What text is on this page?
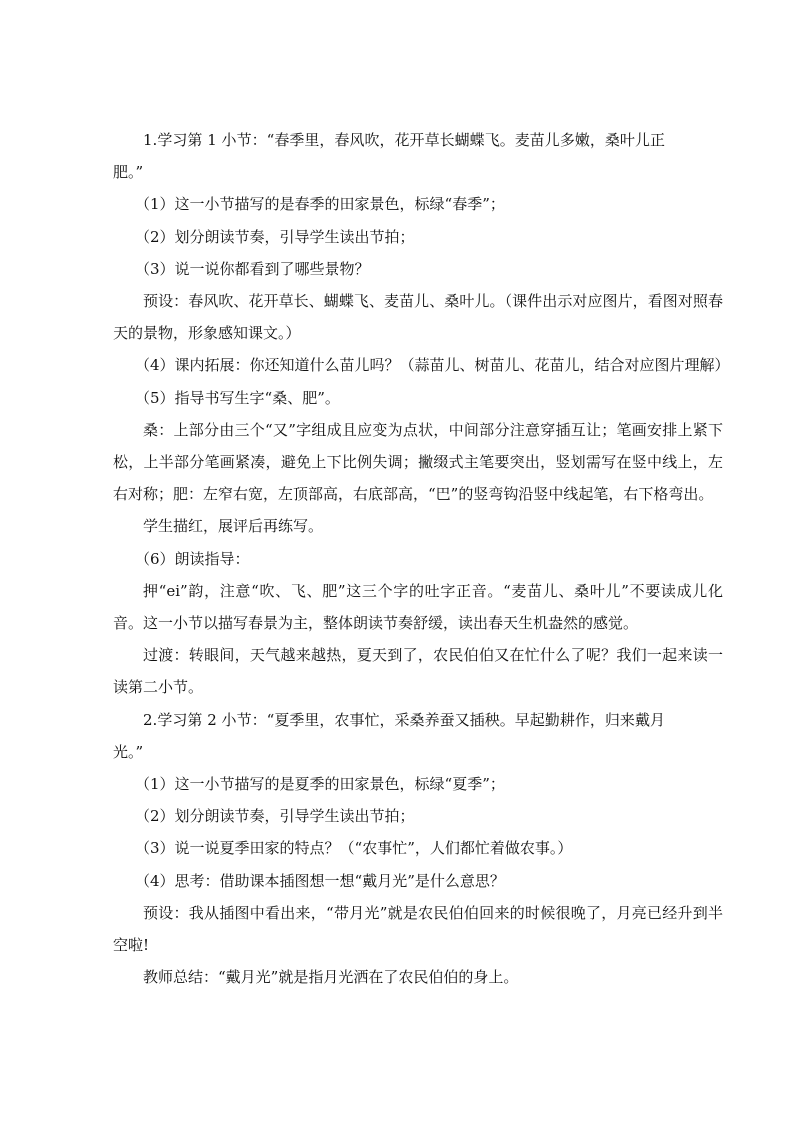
1.学习第 1 小节：“春季里，春风吹，花开草长蝴蝶飞。麦苗儿多嫩，桑叶儿正肥。”

（1）这一小节描写的是春季的田家景色，标绿“春季”；

（2）划分朗读节奏，引导学生读出节拍；

（3）说一说你都看到了哪些景物？

预设：春风吹、花开草长、蝴蝶飞、麦苗儿、桑叶儿。（课件出示对应图片，看图对照春天的景物，形象感知课文。）

（4）课内拓展：你还知道什么苗儿吗？（蒜苗儿、树苗儿、花苗儿，结合对应图片理解）

（5）指导书写生字“桑、肥”。

桑：上部分由三个“又”字组成且应变为点状，中间部分注意穿插互让；笔画安排上紧下松，上半部分笔画紧凑，避免上下比例失调；撇缀式主笔要突出，竖划需写在竖中线上，左右对称；肥：左窄右宽，左顶部高，右底部高，“巴”的竖弯钩沿竖中线起笔，右下格弯出。

学生描红，展评后再练写。

（6）朗读指导：

押“ei”韵，注意“吹、飞、肥”这三个字的吐字正音。“麦苗儿、桑叶儿”不要读成儿化音。这一小节以描写春景为主，整体朗读节奏舒缓，读出春天生机盎然的感觉。

过渡：转眼间，天气越来越热，夏天到了，农民伯伯又在忙什么了呢？我们一起来读一读第二小节。

2.学习第 2 小节：“夏季里，农事忙，采桑养蚕又插秧。早起勤耕作，归来戴月光。”

（1）这一小节描写的是夏季的田家景色，标绿“夏季”；

（2）划分朗读节奏，引导学生读出节拍；

（3）说一说夏季田家的特点？（“农事忙”，人们都忙着做农事。）

（4）思考：借助课本插图想一想“戴月光”是什么意思？

预设：我从插图中看出来，“带月光”就是农民伯伯回来的时候很晚了，月亮已经升到半空啦!

教师总结：“戴月光”就是指月光洒在了农民伯伯的身上。
